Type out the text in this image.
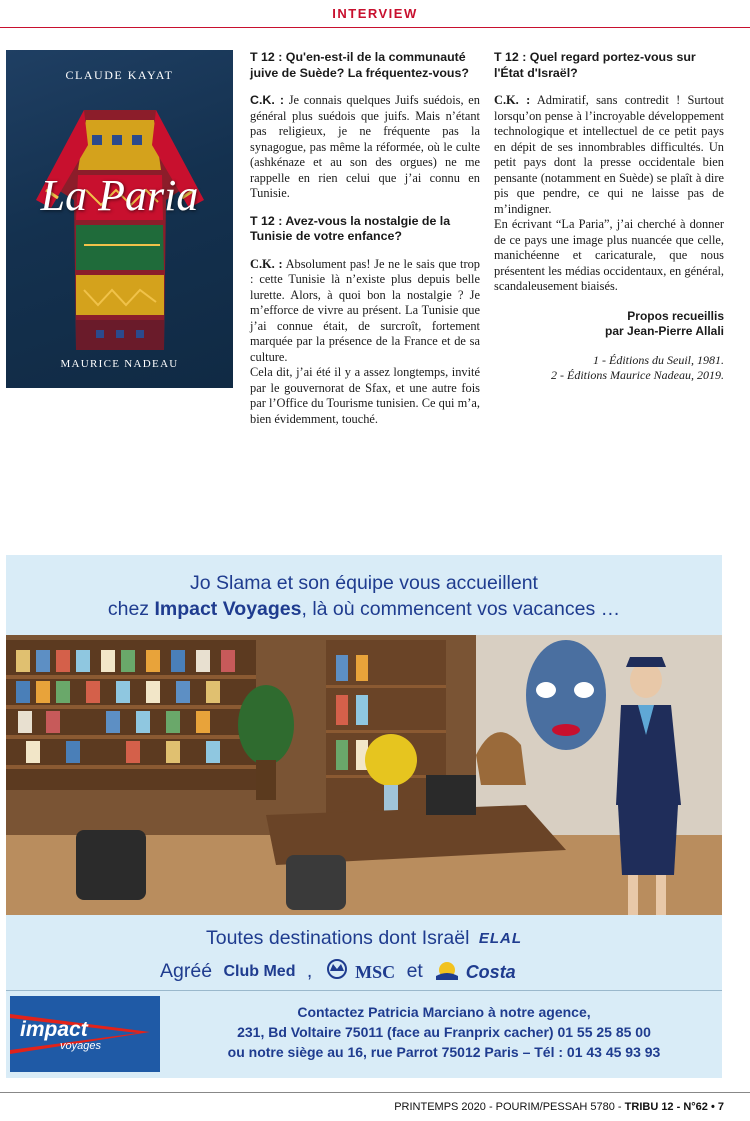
INTERVIEW
CLAUDE KAYAT
La Paria
MAURICE NADEAU
T 12 : Qu'en-est-il de la communauté juive de Suède? La fréquentez-vous?
C.K. : Je connais quelques Juifs suédois, en général plus suédois que juifs. Mais n’étant pas religieux, je ne fréquente pas la synagogue, pas même la réformée, où le culte (ashkénaze et au son des orgues) ne me rappelle en rien celui que j’ai connu en Tunisie.
T 12 : Avez-vous la nostalgie de la Tunisie de votre enfance?
C.K. : Absolument pas! Je ne le sais que trop : cette Tunisie là n’existe plus depuis belle lurette. Alors, à quoi bon la nostalgie ? Je m’efforce de vivre au présent. La Tunisie que j’ai connue était, de surcroît, fortement marquée par la présence de la France et de sa culture.
Cela dit, j’ai été il y a assez longtemps, invité par le gouvernorat de Sfax, et une autre fois par l’Office du Tourisme tunisien. Ce qui m’a, bien évidemment, touché.
T 12 : Quel regard portez-vous sur l'État d'Israël?
C.K. : Admiratif, sans contredit ! Surtout lorsqu’on pense à l’incroyable développement technologique et intellectuel de ce petit pays en dépit de ses innombrables difficultés. Un petit pays dont la presse occidentale bien pensante (notamment en Suède) se plaît à dire pis que pendre, ce qui ne laisse pas de m’indigner.
En écrivant “La Paria”, j’ai cherché à donner de ce pays une image plus nuancée que celle, manichéenne et caricaturale, que nous présentent les médias occidentaux, en général, scandaleusement biaisés.
Propos recueillis
par Jean-Pierre Allali
1 - Éditions du Seuil, 1981.
2 - Éditions Maurice Nadeau, 2019.
Jo Slama et son équipe vous accueillent
chez Impact Voyages, là où commencent vos vacances …
Toutes destinations dont Israël ELAL
Agréé Club Med , MSC et Costa
impact
voyages
Contactez Patricia Marciano à notre agence,
231, Bd Voltaire 75011 (face au Franprix cacher) 01 55 25 85 00
ou notre siège au 16, rue Parrot 75012 Paris – Tél : 01 43 45 93 93
PRINTEMPS 2020 - POURIM/PESSAH 5780 - TRIBU 12 - N°62 • 7
